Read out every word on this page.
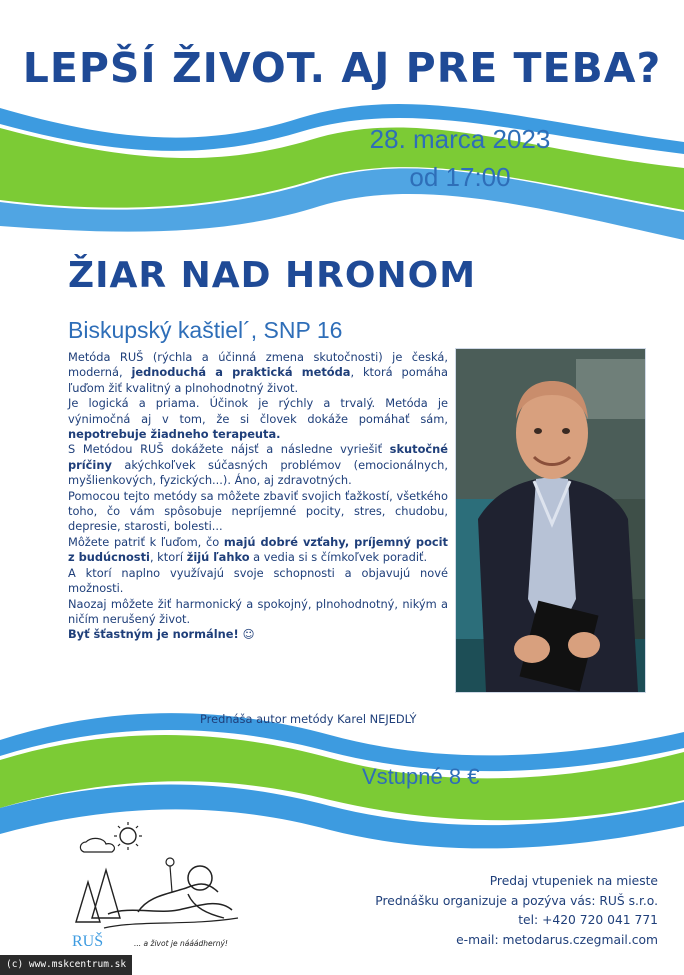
LEPŠÍ ŽIVOT. AJ PRE TEBA?
28. marca 2023
od 17:00
ŽIAR NAD HRONOM
Biskupský kaštiel´, SNP 16

Metóda RUŠ (rýchla a účinná zmena skutočnosti) je česká, moderná, jednoduchá a praktická metóda, ktorá pomáha ľuďom žiť kvalitný a plnohodnotný život.

Je logická a priama. Účinok je rýchly a trvalý. Metóda je výnimočná aj v tom, že si človek dokáže pomáhať sám, nepotrebuje žiadneho terapeuta.

S Metódou RUŠ dokážete nájsť a následne vyriešiť skutočné príčiny akýchkoľvek súčasných problémov (emocionálnych, myšlienkových, fyzických...). Áno, aj zdravotných.

Pomocou tejto metódy sa môžete zbaviť svojich ťažkostí, všetkého toho, čo vám spôsobuje nepríjemné pocity, stres, chudobu, depresie, starosti, bolesti...

Môžete patriť k ľuďom, čo majú dobré vzťahy, príjemný pocit z budúcnosti, ktorí žijú ľahko a vedia si s čímkoľvek poradiť.

A ktorí naplno využívajú svoje schopnosti a objavujú nové možnosti.

Naozaj môžete žiť harmonický a spokojný, plnohodnotný, nikým a ničím nerušený život.

Byť šťastným je normálne! ☺

Prednáša autor metódy Karel NEJEDLÝ
Vstupné 8 €
RUŠ	... a život je nááádherný!
Predaj vtupeniek na mieste
Prednášku organizuje a pozýva vás: RUŠ s.r.o.
tel: +420 720 041 771
e-mail: metodarus.czegmail.com
(c) www.mskcentrum.sk
